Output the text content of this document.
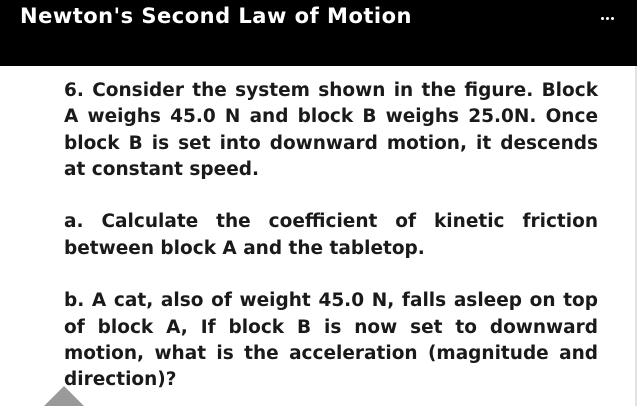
Newton's Second Law of Motion

6. Consider the system shown in the figure. Block A weighs 45.0 N and block B weighs 25.0N. Once block B is set into downward motion, it descends at constant speed.

a. Calculate the coefficient of kinetic friction between block A and the tabletop.

b. A cat, also of weight 45.0 N, falls asleep on top of block A, If block B is now set to downward motion, what is the acceleration (magnitude and direction)?
